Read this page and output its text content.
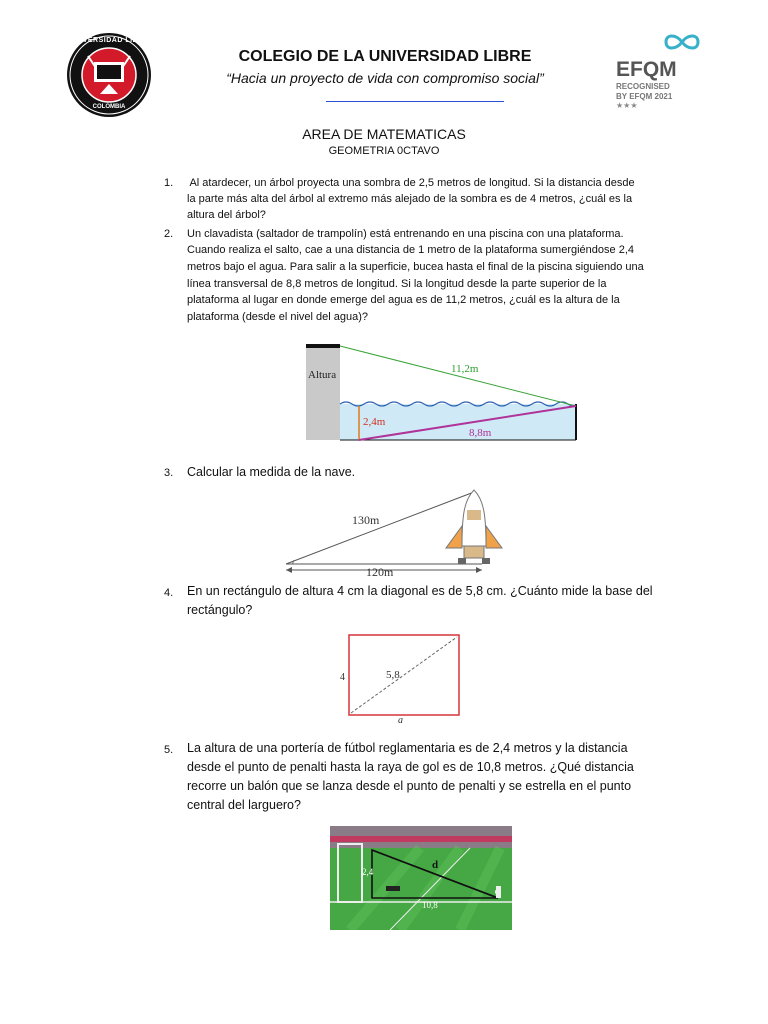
UNIVERSIDAD LIBRE
COLOMBIA
COLEGIO DE LA UNIVERSIDAD LIBRE
“Hacia un proyecto de vida con compromiso social”	EFQM
RECOGNISED
BY EFQM 2021
★★★
AREA DE MATEMATICAS
GEOMETRIA 0CTAVO
1. Al atardecer, un árbol proyecta una sombra de 2,5 metros de longitud. Si la distancia desde
la parte más alta del árbol al extremo más alejado de la sombra es de 4 metros, ¿cuál es la
altura del árbol?
2. Un clavadista (saltador de trampolín) está entrenando en una piscina con una plataforma.
Cuando realiza el salto, cae a una distancia de 1 metro de la plataforma sumergiéndose 2,4
metros bajo el agua. Para salir a la superficie, bucea hasta el final de la piscina siguiendo una
línea transversal de 8,8 metros de longitud. Si la longitud desde la parte superior de la
plataforma al lugar en donde emerge del agua es de 11,2 metros, ¿cuál es la altura de la
plataforma (desde el nivel del agua)?
Altura	11,2m
2,4m
8,8m
3. Calcular la medida de la nave.
130m
120m
4. En un rectángulo de altura 4 cm la diagonal es de 5,8 cm. ¿Cuánto mide la base del
rectángulo?
4	5,8
a
5. La altura de una portería de fútbol reglamentaria es de 2,4 metros y la distancia
desde el punto de penalti hasta la raya de gol es de 10,8 metros. ¿Qué distancia
recorre un balón que se lanza desde el punto de penalti y se estrella en el punto
central del larguero?
2,4
d
10,8
